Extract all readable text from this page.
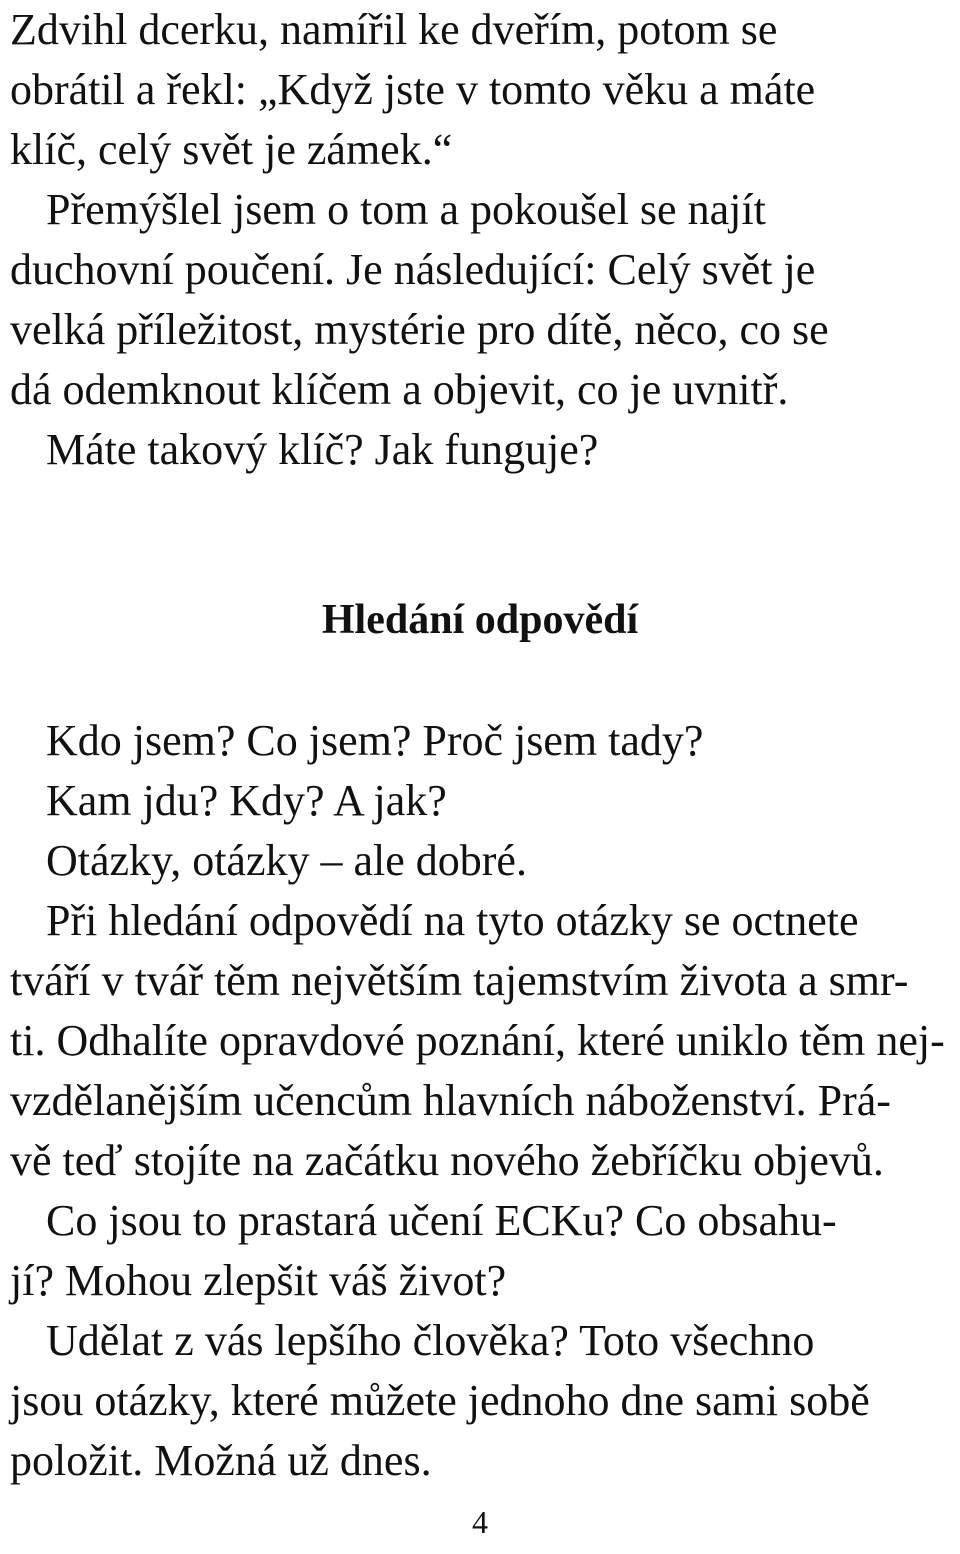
Zdvihl dcerku, namířil ke dveřím, potom se
obrátil a řekl: „Když jste v tomto věku a máte
klíč, celý svět je zámek.“
Přemýšlel jsem o tom a pokoušel se najít
duchovní poučení. Je následující: Celý svět je
velká příležitost, mystérie pro dítě, něco, co se
dá odemknout klíčem a objevit, co je uvnitř.
Máte takový klíč? Jak funguje?
Hledání odpovědí
Kdo jsem? Co jsem? Proč jsem tady?
Kam jdu? Kdy? A jak?
Otázky, otázky – ale dobré.
Při hledání odpovědí na tyto otázky se octnete
tváří v tvář těm největším tajemstvím života a smr-
ti. Odhalíte opravdové poznání, které uniklo těm nej-
vzdělanějším učencům hlavních náboženství. Prá-
vě teď stojíte na začátku nového žebříčku objevů.
Co jsou to prastará učení ECKu? Co obsahu-
jí? Mohou zlepšit váš život?
Udělat z vás lepšího člověka? Toto všechno
jsou otázky, které můžete jednoho dne sami sobě
položit. Možná už dnes.
4
